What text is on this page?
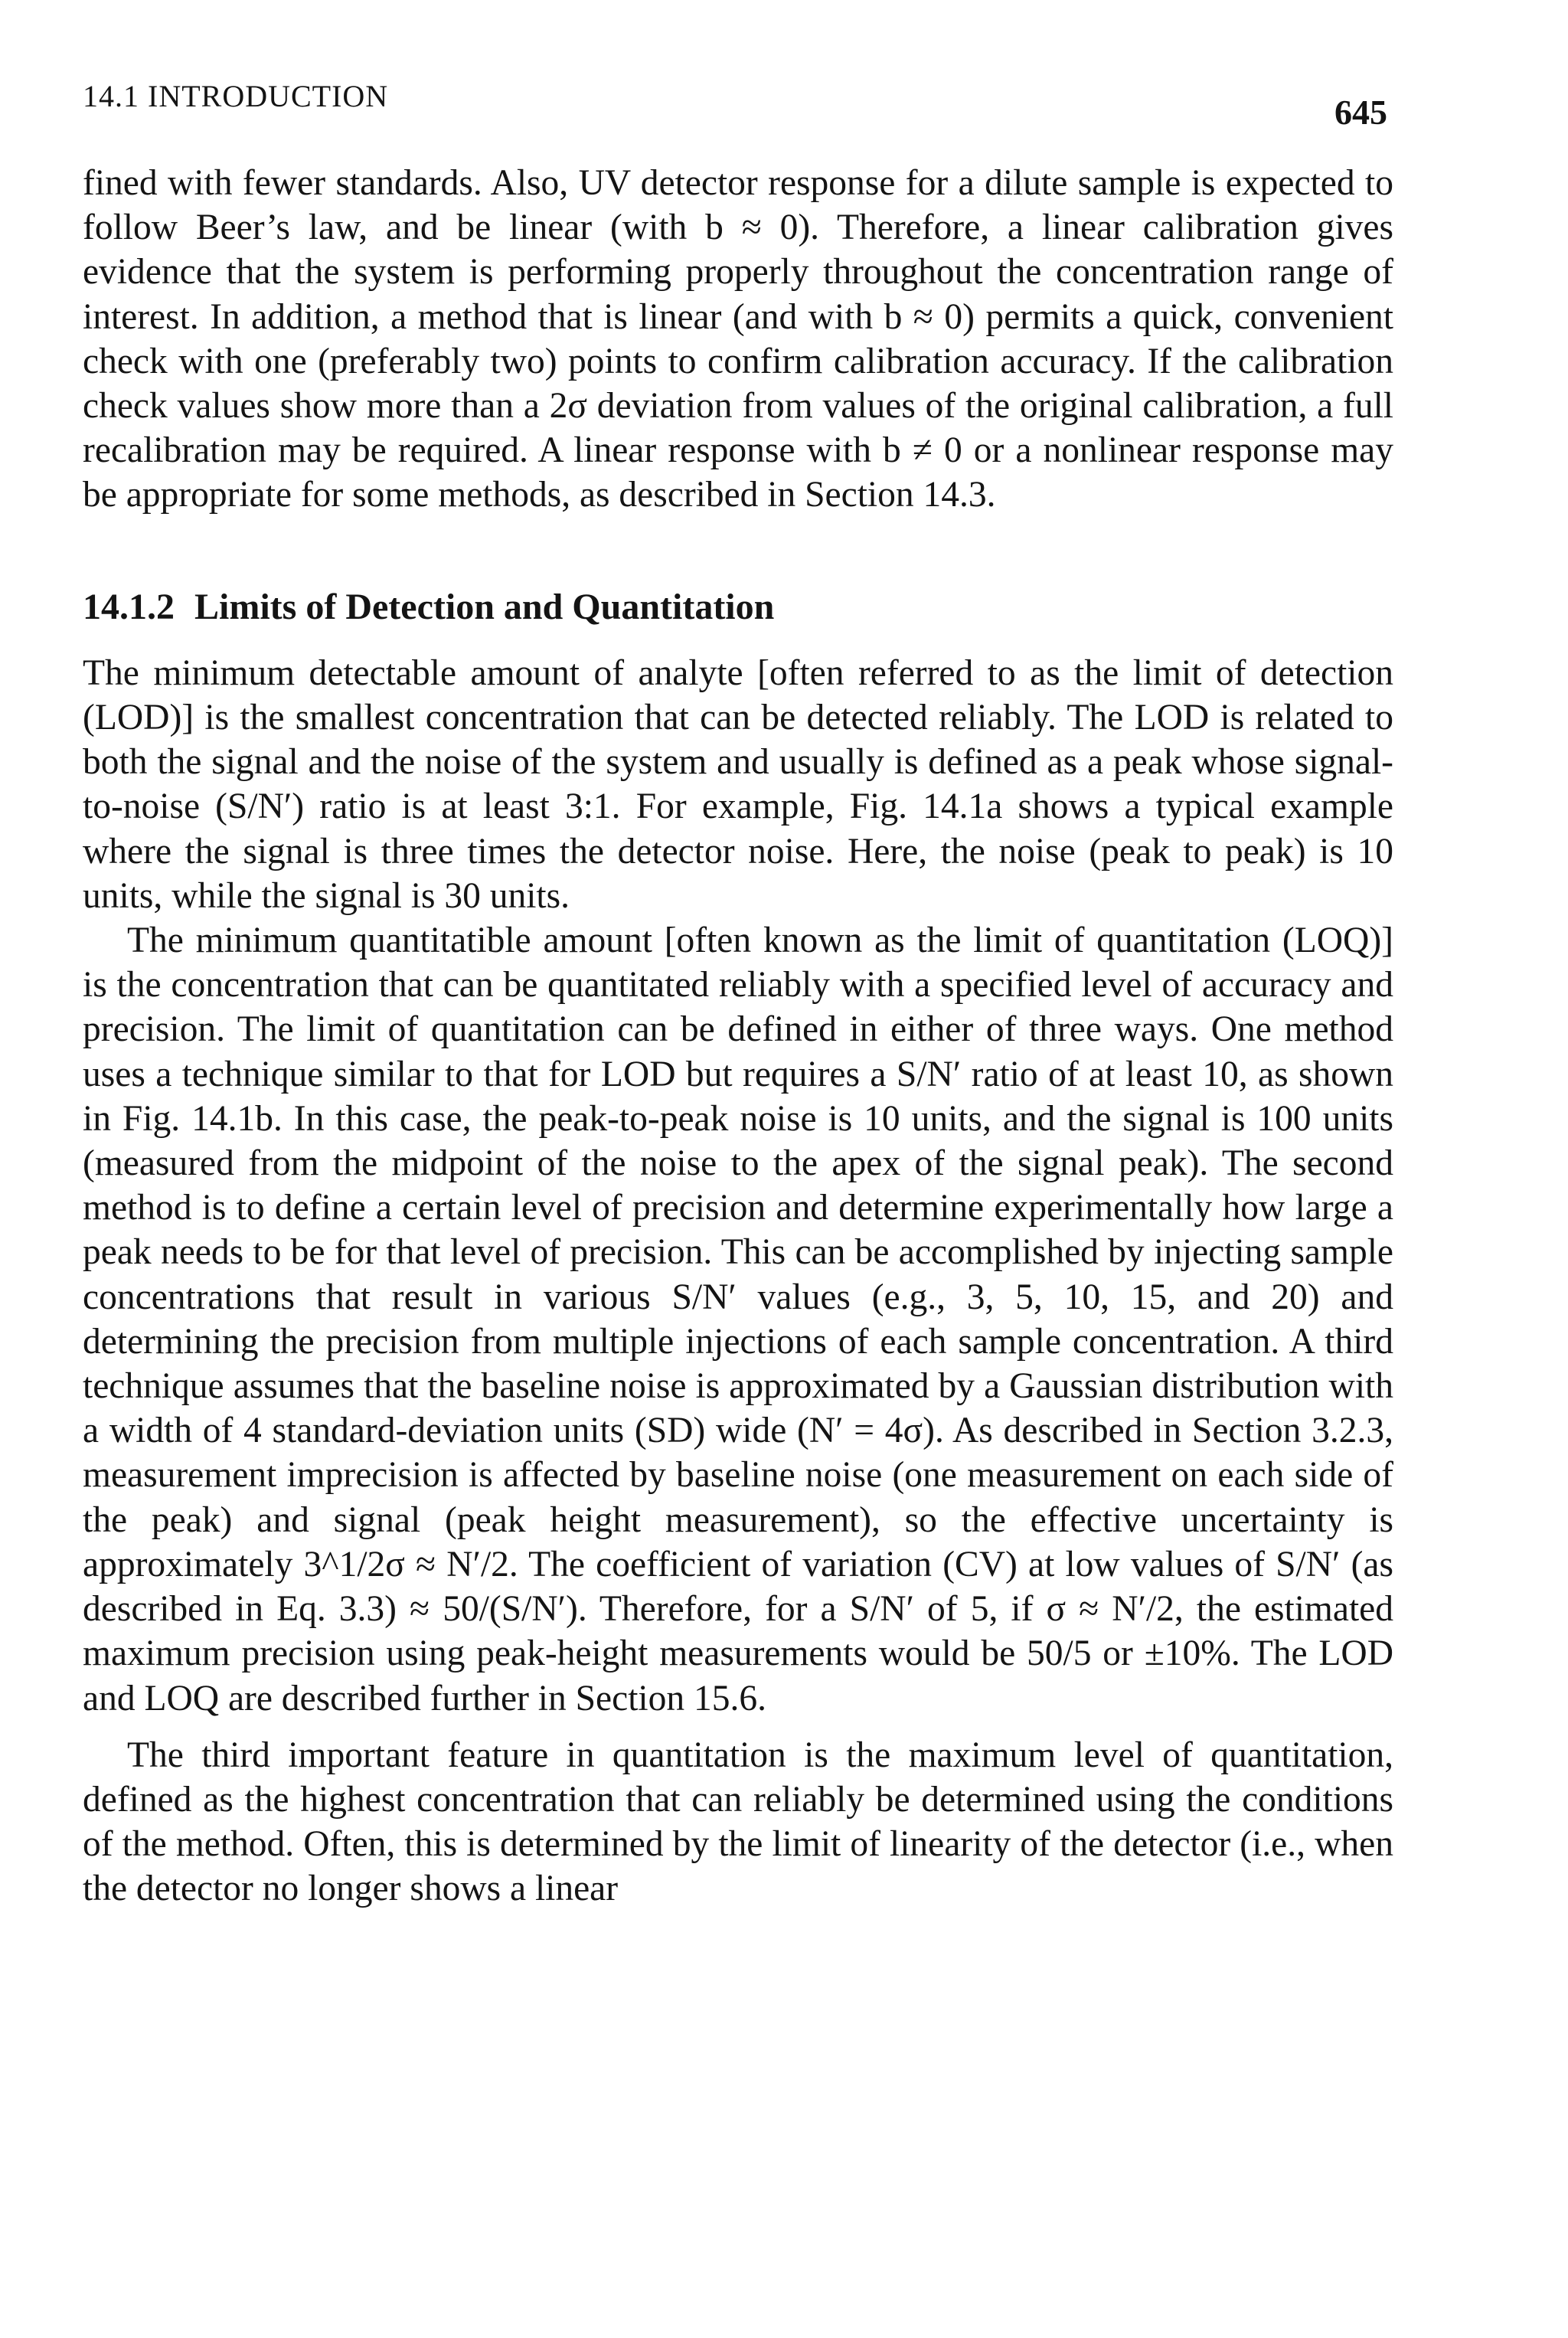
14.1 INTRODUCTION	645

fined with fewer standards. Also, UV detector response for a dilute sample is expected to follow Beer’s law, and be linear (with b ≈ 0). Therefore, a linear calibration gives evidence that the system is performing properly throughout the concentration range of interest. In addition, a method that is linear (and with b ≈ 0) permits a quick, convenient check with one (preferably two) points to confirm calibration accuracy. If the calibration check values show more than a 2σ deviation from values of the original calibration, a full recalibration may be required. A linear response with b ≠ 0 or a nonlinear response may be appropriate for some methods, as described in Section 14.3.

14.1.2 Limits of Detection and Quantitation

The minimum detectable amount of analyte [often referred to as the limit of detection (LOD)] is the smallest concentration that can be detected reliably. The LOD is related to both the signal and the noise of the system and usually is defined as a peak whose signal-to-noise (S/N′) ratio is at least 3:1. For example, Fig. 14.1a shows a typical example where the signal is three times the detector noise. Here, the noise (peak to peak) is 10 units, while the signal is 30 units.

The minimum quantitatible amount [often known as the limit of quantitation (LOQ)] is the concentration that can be quantitated reliably with a specified level of accuracy and precision. The limit of quantitation can be defined in either of three ways. One method uses a technique similar to that for LOD but requires a S/N′ ratio of at least 10, as shown in Fig. 14.1b. In this case, the peak-to-peak noise is 10 units, and the signal is 100 units (measured from the midpoint of the noise to the apex of the signal peak). The second method is to define a certain level of precision and determine experimentally how large a peak needs to be for that level of precision. This can be accomplished by injecting sample concentrations that result in various S/N′ values (e.g., 3, 5, 10, 15, and 20) and determining the precision from multiple injections of each sample concentration. A third technique assumes that the baseline noise is approximated by a Gaussian distribution with a width of 4 standard-deviation units (SD) wide (N′ = 4σ). As described in Section 3.2.3, measurement imprecision is affected by baseline noise (one measurement on each side of the peak) and signal (peak height measurement), so the effective uncertainty is approximately 3^1/2σ ≈ N′/2. The coefficient of variation (CV) at low values of S/N′ (as described in Eq. 3.3) ≈ 50/(S/N′). Therefore, for a S/N′ of 5, if σ ≈ N′/2, the estimated maximum precision using peak-height measurements would be 50/5 or ±10%. The LOD and LOQ are described further in Section 15.6.

The third important feature in quantitation is the maximum level of quantitation, defined as the highest concentration that can reliably be determined using the conditions of the method. Often, this is determined by the limit of linearity of the detector (i.e., when the detector no longer shows a linear
